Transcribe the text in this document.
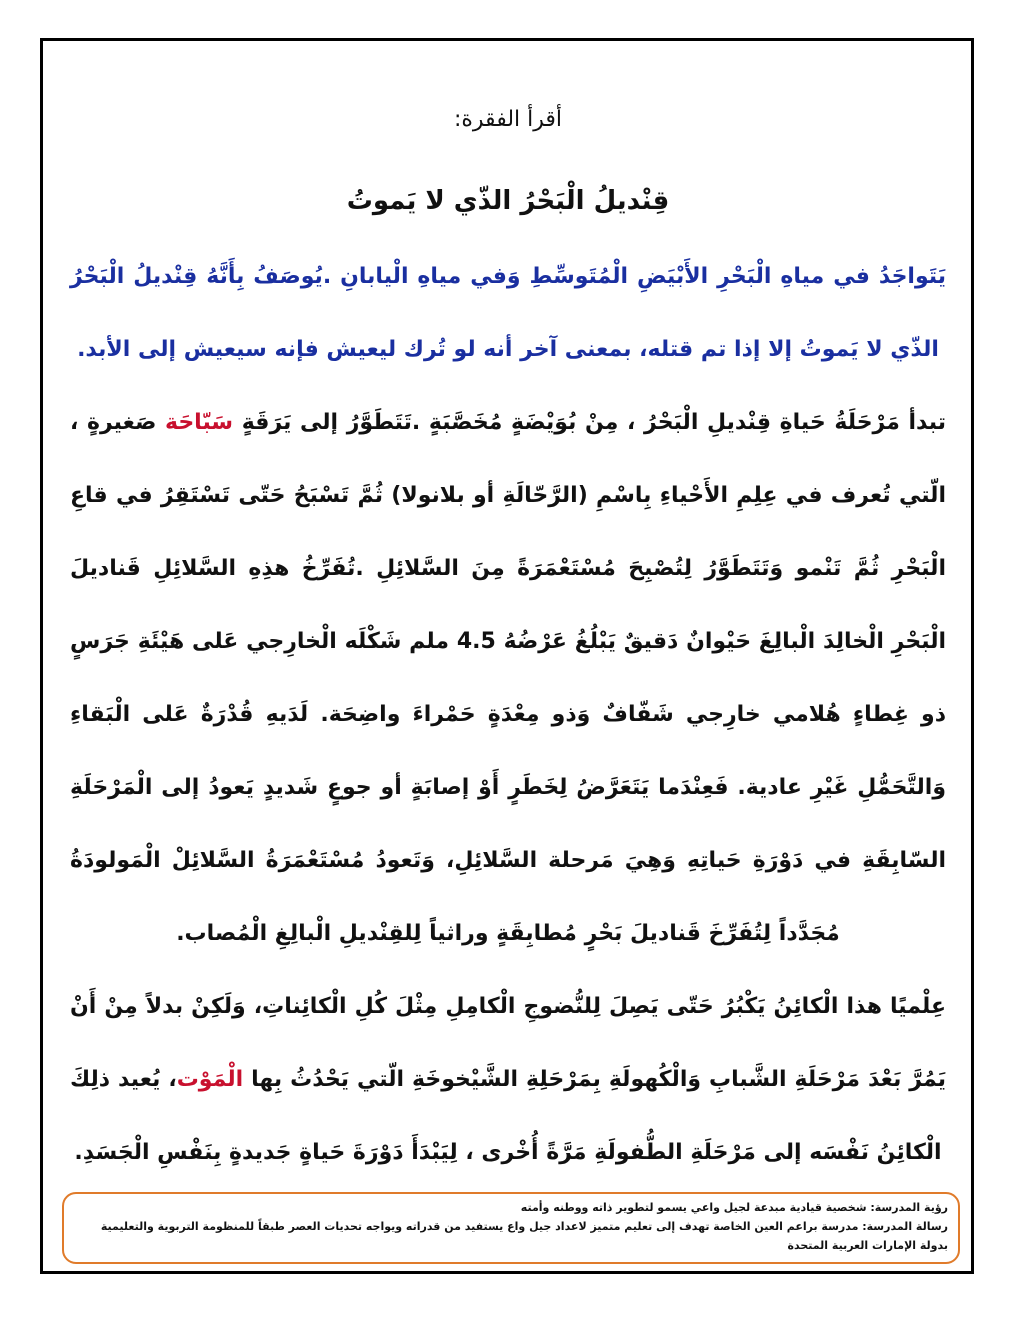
أقرأ الفقرة:

قِنْديلُ الْبَحْرُ الذّي لا يَموتُ

يَتَواجَدُ في مياهِ الْبَحْرِ الأَبْيَضِ الْمُتَوسِّطِ وَفي مياهِ الْيابانِ .يُوصَفُ بِأَنَّهُ قِنْديلُ الْبَحْرُ الذّي لا يَموتُ إلا إذا تم قتله، بمعنى آخر أنه لو تُرك ليعيش فإنه سيعيش إلى الأبد.

تبدأ مَرْحَلَةُ حَياةِ قِنْديلِ الْبَحْرُ ، مِنْ بُوَيْضَةٍ مُخَصَّبَةٍ .تَتَطَوَّرُ إلى يَرَقَةٍ سَبّاحَة صَغيرةٍ ، الّتي تُعرف في عِلِمِ الأَحْياءِ بِاسْمِ (الرَّحّالَةِ أو بلانولا) ثُمَّ تَسْبَحُ حَتّى تَسْتَقِرُ في قاعِ الْبَحْرِ ثُمَّ تَنْمو وَتَتَطَوَّرُ لِتُصْبِحَ مُسْتَعْمَرَةً مِنَ السَّلائِلِ .تُفَرِّخُ هذِهِ السَّلائِلِ قَناديلَ الْبَحْرِ الْخالِدَ الْبالِغَ حَيْوانٌ دَقيقٌ يَبْلُغُ عَرْضُهُ 4.5 ملم شَكْلَه الْخارِجي عَلى هَيْئَةِ جَرَسٍ ذو غِطاءٍ هُلامي خارِجي شَفّافٌ وَذو مِعْدَةٍ حَمْراءَ واضِحَة. لَدَيهِ قُدْرَةٌ عَلى الْبَقاءِ وَالتَّحَمُّلِ غَيْرِ عادية. فَعِنْدَما يَتَعَرَّضُ لِخَطَرٍ أَوْ إصابَةٍ أو جوعٍ شَديدٍ يَعودُ إلى الْمَرْحَلَةِ السّابِقَةِ في دَوْرَةِ حَياتِهِ وَهِيَ مَرحلة السَّلائِلِ، وَتَعودُ مُسْتَعْمَرَةُ السَّلائِلْ الْمَولودَةُ مُجَدَّداً لِتُفَرِّخَ قَناديلَ بَحْرٍ مُطابِقَةٍ وراثياً لِلقِنْديلِ الْبالِغِ الْمُصاب.

عِلْميًا هذا الْكائِنُ يَكْبُرُ حَتّى يَصِلَ لِلنُّضوجِ الْكامِلِ مِثْلَ كُلِ الْكائِناتِ، وَلَكِنْ بدلاً مِنْ أَنْ يَمُرَّ بَعْدَ مَرْحَلَةِ الشَّبابِ وَالْكُهولَةِ بِمَرْحَلِةِ الشَّيْخوخَةِ الّتي يَحْدُثُ بِها الْمَوْت، يُعيد ذلِكَ الْكائِنُ نَفْسَه إلى مَرْحَلَةِ الطُّفولَةِ مَرَّةً أُخْرى ، لِيَبْدَأَ دَوْرَةَ حَياةٍ جَديدةٍ بِنَفْسِ الْجَسَدِ.

رؤية المدرسة: شخصية قيادية مبدعة لجيل واعي يسمو لتطوير ذاته ووطنه وأمته

رسالة المدرسة: مدرسة براعم العين الخاصة تهدف إلى تعليم متميز لاعداد جيل واع يستفيد من قدراته ويواجه تحديات العصر طبقاً للمنظومة التربوية والتعليمية بدولة الإمارات العربية المتحدة
